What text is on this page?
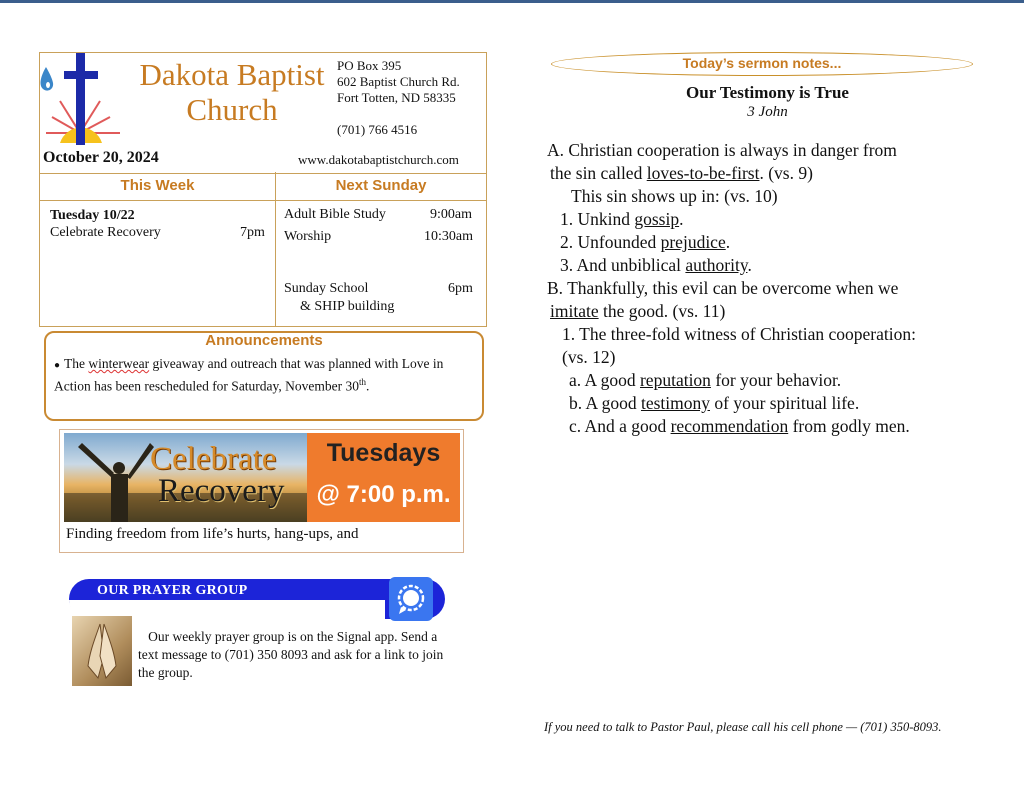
Dakota Baptist
Church
PO Box 395
602 Baptist Church Rd.
Fort Totten, ND 58335
(701) 766 4516
October 20, 2024	www.dakotabaptistchurch.com
This Week	Next Sunday
Tuesday 10/22
Celebrate Recovery	7pm
Adult Bible Study	9:00am
Worship	10:30am
Sunday School	6pm
& SHIP building
Announcements
● The winterwear giveaway and outreach that was planned with Love in Action has been rescheduled for Saturday, November 30th.
Celebrate
Recovery
Tuesdays
@ 7:00 p.m.
Finding freedom from life’s hurts, hang-ups, and
OUR PRAYER GROUP
Our weekly prayer group is on the Signal app. Send a text message to (701) 350 8093 and ask for a link to join the group.
Today’s sermon notes...
Our Testimony is True
3 John
A. Christian cooperation is always in danger from
the sin called loves-to-be-first. (vs. 9)
This sin shows up in: (vs. 10)
1. Unkind gossip.
2. Unfounded prejudice.
3. And unbiblical authority.
B. Thankfully, this evil can be overcome when we
imitate the good. (vs. 11)
1. The three-fold witness of Christian cooperation:
(vs. 12)
a. A good reputation for your behavior.
b. A good testimony of your spiritual life.
c. And a good recommendation from godly men.
If you need to talk to Pastor Paul, please call his cell phone — (701) 350-8093.
